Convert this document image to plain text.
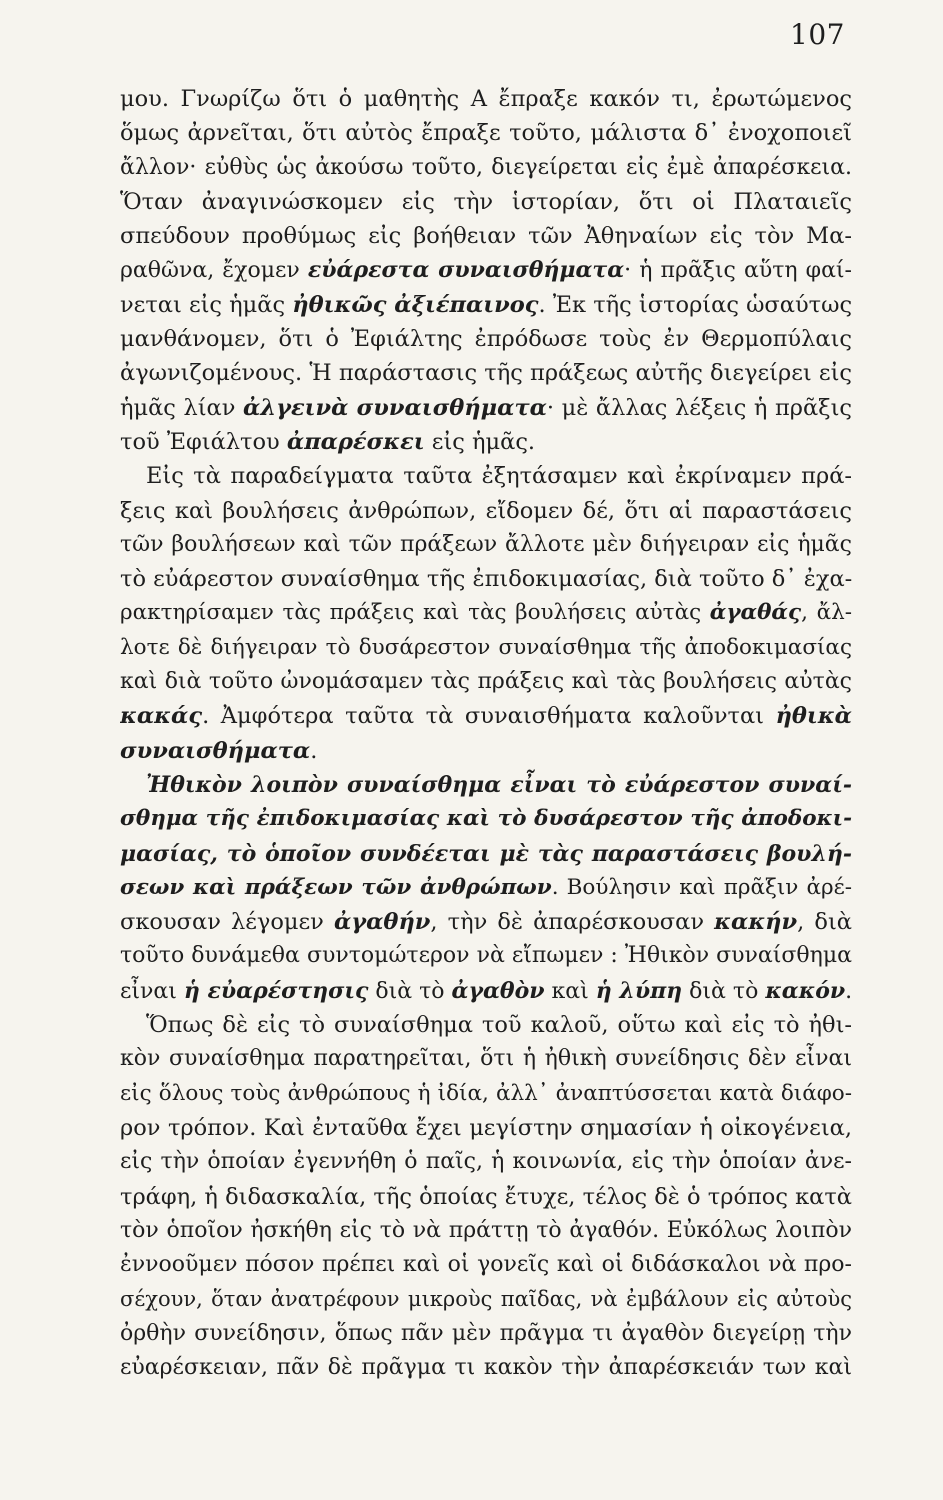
107
μου. Γνωρίζω ὅτι ὁ μαθητὴς Α ἔπραξε κακόν τι, ἐρωτώμενος
ὅμως ἀρνεῖται, ὅτι αὐτὸς ἔπραξε τοῦτο, μάλιστα δ᾽ ἐνοχοποιεῖ
ἄλλον· εὐθὺς ὡς ἀκούσω τοῦτο, διεγείρεται εἰς ἐμὲ ἀπαρέσκεια.
Ὅταν ἀναγινώσκομεν εἰς τὴν ἱστορίαν, ὅτι οἱ Πλαταιεῖς
σπεύδουν προθύμως εἰς βοήθειαν τῶν Ἀθηναίων εἰς τὸν Μα-
ραθῶνα, ἔχομεν εὐάρεστα συναισθήματα· ἡ πρᾶξις αὕτη φαί-
νεται εἰς ἡμᾶς ἠθικῶς ἀξιέπαινος. Ἐκ τῆς ἱστορίας ὡσαύτως
μανθάνομεν, ὅτι ὁ Ἐφιάλτης ἐπρόδωσε τοὺς ἐν Θερμοπύλαις
ἀγωνιζομένους. Ἡ παράστασις τῆς πράξεως αὐτῆς διεγείρει εἰς
ἡμᾶς λίαν ἀλγεινὰ συναισθήματα· μὲ ἄλλας λέξεις ἡ πρᾶξις
τοῦ Ἐφιάλτου ἀπαρέσκει εἰς ἡμᾶς.
Εἰς τὰ παραδείγματα ταῦτα ἐξητάσαμεν καὶ ἐκρίναμεν πρά-
ξεις καὶ βουλήσεις ἀνθρώπων, εἴδομεν δέ, ὅτι αἱ παραστάσεις
τῶν βουλήσεων καὶ τῶν πράξεων ἄλλοτε μὲν διήγειραν εἰς ἡμᾶς
τὸ εὐάρεστον συναίσθημα τῆς ἐπιδοκιμασίας, διὰ τοῦτο δ᾽ ἐχα-
ρακτηρίσαμεν τὰς πράξεις καὶ τὰς βουλήσεις αὐτὰς ἀγαθάς, ἄλ-
λοτε δὲ διήγειραν τὸ δυσάρεστον συναίσθημα τῆς ἀποδοκιμασίας
καὶ διὰ τοῦτο ὠνομάσαμεν τὰς πράξεις καὶ τὰς βουλήσεις αὐτὰς
κακάς. Ἀμφότερα ταῦτα τὰ συναισθήματα καλοῦνται ἠθικὰ
συναισθήματα.
Ἠθικὸν λοιπὸν συναίσθημα εἶναι τὸ εὐάρεστον συναί-
σθημα τῆς ἐπιδοκιμασίας καὶ τὸ δυσάρεστον τῆς ἀποδοκι-
μασίας, τὸ ὁποῖον συνδέεται μὲ τὰς παραστάσεις βουλή-
σεων καὶ πράξεων τῶν ἀνθρώπων. Βούλησιν καὶ πρᾶξιν ἀρέ-
σκουσαν λέγομεν ἀγαθήν, τὴν δὲ ἀπαρέσκουσαν κακήν, διὰ
τοῦτο δυνάμεθα συντομώτερον νὰ εἴπωμεν : Ἠθικὸν συναίσθημα
εἶναι ἡ εὐαρέστησις διὰ τὸ ἀγαθὸν καὶ ἡ λύπη διὰ τὸ κακόν.
Ὅπως δὲ εἰς τὸ συναίσθημα τοῦ καλοῦ, οὕτω καὶ εἰς τὸ ἠθι-
κὸν συναίσθημα παρατηρεῖται, ὅτι ἡ ἠθικὴ συνείδησις δὲν εἶναι
εἰς ὅλους τοὺς ἀνθρώπους ἡ ἰδία, ἀλλ᾽ ἀναπτύσσεται κατὰ διάφο-
ρον τρόπον. Καὶ ἐνταῦθα ἔχει μεγίστην σημασίαν ἡ οἰκογένεια,
εἰς τὴν ὁποίαν ἐγεννήθη ὁ παῖς, ἡ κοινωνία, εἰς τὴν ὁποίαν ἀνε-
τράφη, ἡ διδασκαλία, τῆς ὁποίας ἔτυχε, τέλος δὲ ὁ τρόπος κατὰ
τὸν ὁποῖον ἠσκήθη εἰς τὸ νὰ πράττῃ τὸ ἀγαθόν. Εὐκόλως λοιπὸν
ἐννοοῦμεν πόσον πρέπει καὶ οἱ γονεῖς καὶ οἱ διδάσκαλοι νὰ προ-
σέχουν, ὅταν ἀνατρέφουν μικροὺς παῖδας, νὰ ἐμβάλουν εἰς αὐτοὺς
ὀρθὴν συνείδησιν, ὅπως πᾶν μὲν πρᾶγμα τι ἀγαθὸν διεγείρῃ τὴν
εὐαρέσκειαν, πᾶν δὲ πρᾶγμα τι κακὸν τὴν ἀπαρέσκειάν των καὶ
